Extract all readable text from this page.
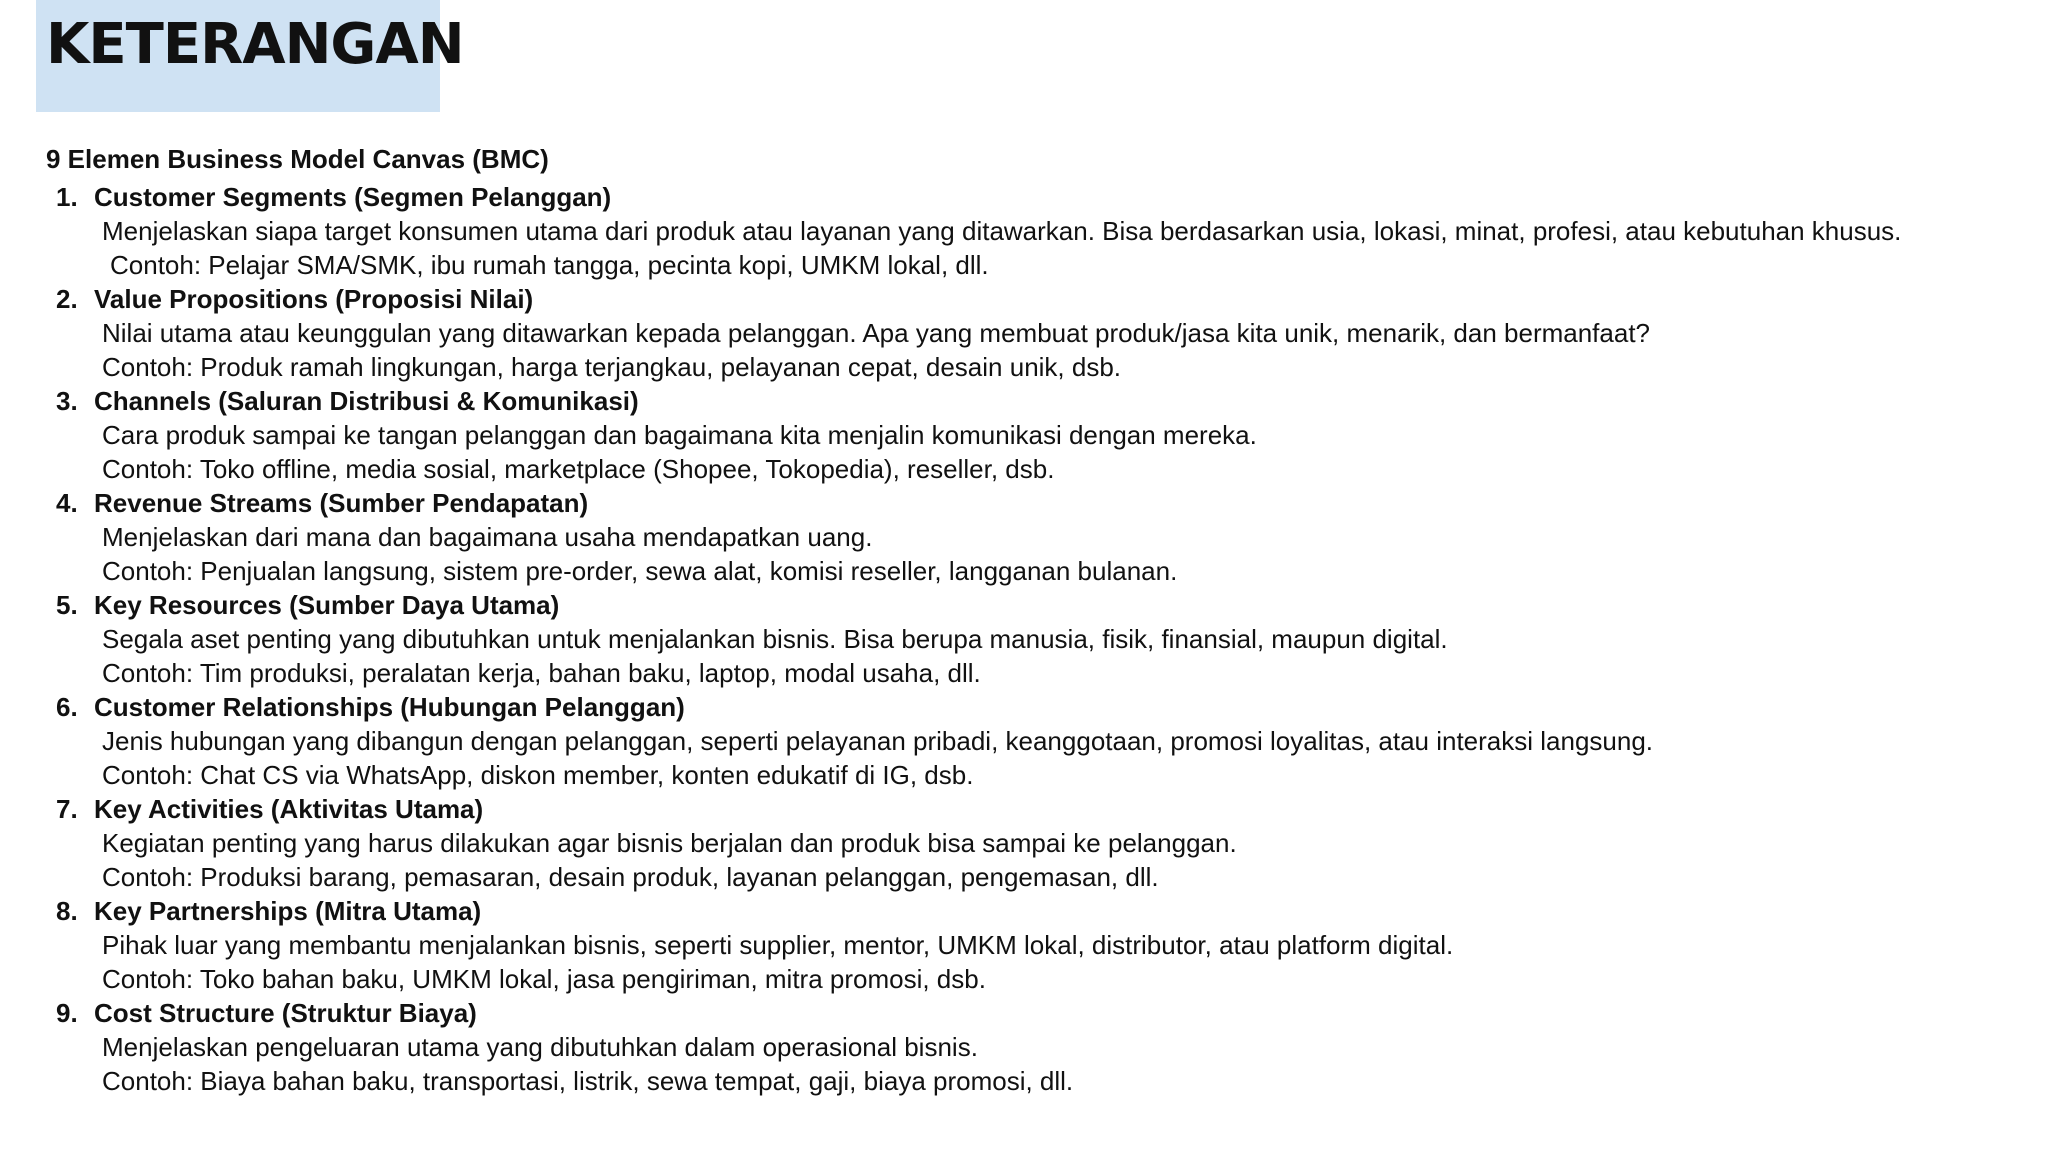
KETERANGAN
9 Elemen Business Model Canvas (BMC)
1. Customer Segments (Segmen Pelanggan)
Menjelaskan siapa target konsumen utama dari produk atau layanan yang ditawarkan. Bisa berdasarkan usia, lokasi, minat, profesi, atau kebutuhan khusus.
Contoh: Pelajar SMA/SMK, ibu rumah tangga, pecinta kopi, UMKM lokal, dll.
2. Value Propositions (Proposisi Nilai)
Nilai utama atau keunggulan yang ditawarkan kepada pelanggan. Apa yang membuat produk/jasa kita unik, menarik, dan bermanfaat?
Contoh: Produk ramah lingkungan, harga terjangkau, pelayanan cepat, desain unik, dsb.
3. Channels (Saluran Distribusi & Komunikasi)
Cara produk sampai ke tangan pelanggan dan bagaimana kita menjalin komunikasi dengan mereka.
Contoh: Toko offline, media sosial, marketplace (Shopee, Tokopedia), reseller, dsb.
4. Revenue Streams (Sumber Pendapatan)
Menjelaskan dari mana dan bagaimana usaha mendapatkan uang.
Contoh: Penjualan langsung, sistem pre-order, sewa alat, komisi reseller, langganan bulanan.
5. Key Resources (Sumber Daya Utama)
Segala aset penting yang dibutuhkan untuk menjalankan bisnis. Bisa berupa manusia, fisik, finansial, maupun digital.
Contoh: Tim produksi, peralatan kerja, bahan baku, laptop, modal usaha, dll.
6. Customer Relationships (Hubungan Pelanggan)
Jenis hubungan yang dibangun dengan pelanggan, seperti pelayanan pribadi, keanggotaan, promosi loyalitas, atau interaksi langsung.
Contoh: Chat CS via WhatsApp, diskon member, konten edukatif di IG, dsb.
7. Key Activities (Aktivitas Utama)
Kegiatan penting yang harus dilakukan agar bisnis berjalan dan produk bisa sampai ke pelanggan.
Contoh: Produksi barang, pemasaran, desain produk, layanan pelanggan, pengemasan, dll.
8. Key Partnerships (Mitra Utama)
Pihak luar yang membantu menjalankan bisnis, seperti supplier, mentor, UMKM lokal, distributor, atau platform digital.
Contoh: Toko bahan baku, UMKM lokal, jasa pengiriman, mitra promosi, dsb.
9. Cost Structure (Struktur Biaya)
Menjelaskan pengeluaran utama yang dibutuhkan dalam operasional bisnis.
Contoh: Biaya bahan baku, transportasi, listrik, sewa tempat, gaji, biaya promosi, dll.
